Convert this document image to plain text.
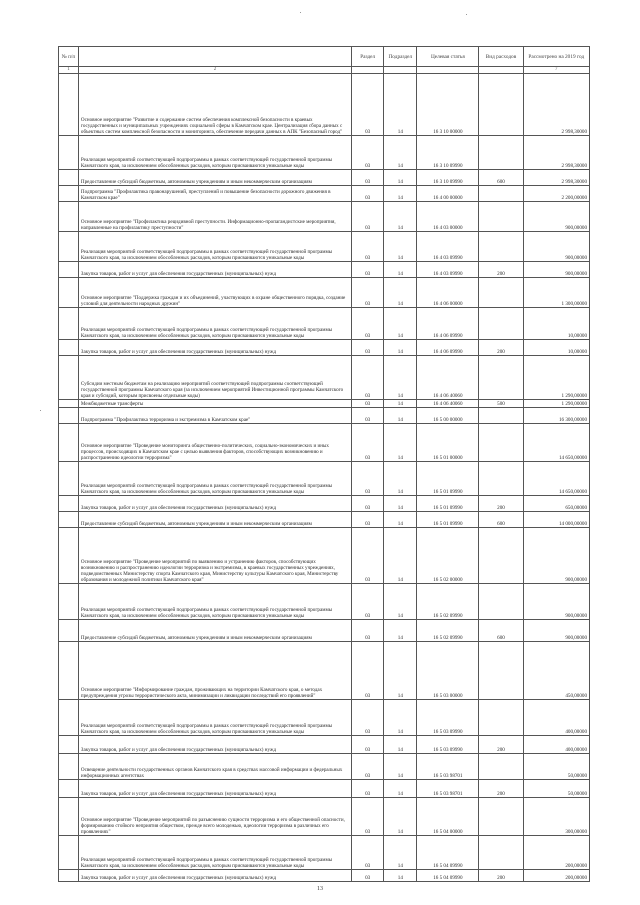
№ п/п		Раздел	Подраздел	Целевая статья	Вид расходов	Рассмотрено на 2019 год
1	2					7
	Основное мероприятие "Развитие и содержание систем обеспечения комплексной безопасности в краевых государственных и муниципальных учреждениях социальной сферы в Камчатском крае. Централизация сбора данных с объектных систем комплексной безопасности и мониторинга, обеспечение передачи данных в АПК "Безопасный город"	03	14	16 3 10 00000		2 998,30000
	Реализация мероприятий соответствующей подпрограммы в рамках соответствующей государственной программы Камчатского края, за исключением обособленных расходов, которым присваиваются уникальные коды	03	14	16 3 10 09990		2 998,30000
	Предоставление субсидий бюджетным, автономным учреждениям и иным некоммерческим организациям	03	14	16 3 10 09990	600	2 998,30000
	Подпрограмма "Профилактика правонарушений, преступлений и повышение безопасности дорожного движения в Камчатском крае"	03	14	16 4 00 00000		2 200,00000
	Основное мероприятие "Профилактика рецидивной преступности. Информационно-пропагандистские мероприятия, направленные на профилактику преступности"	03	14	16 4 03 00000		900,00000
	Реализация мероприятий соответствующей подпрограммы в рамках соответствующей государственной программы Камчатского края, за исключением обособленных расходов, которым присваиваются уникальные коды	03	14	16 4 03 09990		900,00000
	Закупка товаров, работ и услуг для обеспечения государственных (муниципальных) нужд	03	14	16 4 03 09990	200	900,00000
	Основное мероприятие "Поддержка граждан и их объединений, участвующих в охране общественного порядка, создание условий для деятельности народных дружин"	03	14	16 4 06 00000		1 300,00000
	Реализация мероприятий соответствующей подпрограммы в рамках соответствующей государственной программы Камчатского края, за исключением обособленных расходов, которым присваиваются уникальные коды	03	14	16 4 06 09990		10,00000
	Закупка товаров, работ и услуг для обеспечения государственных (муниципальных) нужд	03	14	16 4 06 09990	200	10,00000
	Субсидии местным бюджетам на реализацию мероприятий соответствующей подпрограммы соответствующей государственной программы Камчатского края (за исключением мероприятий Инвестиционной программы Камчатского края и субсидий, которым присвоены отдельные коды)	03	14	16 4 06 40060		1 290,00000
	Межбюджетные трансферты	03	14	16 4 06 40060	500	1 290,00000
	Подпрограмма "Профилактика терроризма и экстремизма в Камчатском крае"	03	14	16 5 00 00000		16 300,00000
	Основное мероприятие "Проведение мониторинга общественно-политических, социально-экономических и иных процессов, происходящих в Камчатском крае с целью выявления факторов, способствующих возникновению и распространению идеологии терроризма"	03	14	16 5 01 00000		14 650,00000
	Реализация мероприятий соответствующей подпрограммы в рамках соответствующей государственной программы Камчатского края, за исключением обособленных расходов, которым присваиваются уникальные коды	03	14	16 5 01 09990		14 650,00000
	Закупка товаров, работ и услуг для обеспечения государственных (муниципальных) нужд	03	14	16 5 01 09990	200	650,00000
	Предоставление субсидий бюджетным, автономным учреждениям и иным некоммерческим организациям	03	14	16 5 01 09990	600	14 000,00000
	Основное мероприятие "Проведение мероприятий по выявлению и устранению факторов, способствующих возникновению и распространению идеологии терроризма и экстремизма, в краевых государственных учреждениях, подведомственных Министерству спорта Камчатского края, Министерству культуры Камчатского края, Министерству образования и молодежной политики Камчатского края"	03	14	16 5 02 00000		900,00000
	Реализация мероприятий соответствующей подпрограммы в рамках соответствующей государственной программы Камчатского края, за исключением обособленных расходов, которым присваиваются уникальные коды	03	14	16 5 02 09990		900,00000
	Предоставление субсидий бюджетным, автономным учреждениям и иным некоммерческим организациям	03	14	16 5 02 09990	600	900,00000
	Основное мероприятие "Информирование граждан, проживающих на территории Камчатского края, о методах предупреждения угрозы террористического акта, минимизации и ликвидации последствий его проявлений"	03	14	16 5 03 00000		450,00000
	Реализация мероприятий соответствующей подпрограммы в рамках соответствующей государственной программы Камчатского края, за исключением обособленных расходов, которым присваиваются уникальные коды	03	14	16 5 03 09990		400,00000
	Закупка товаров, работ и услуг для обеспечения государственных (муниципальных) нужд	03	14	16 5 03 09990	200	400,00000
	Освещение деятельности государственных органов Камчатского края в средствах массовой информации и федеральных информационных агентствах	03	14	16 5 03 98701		50,00000
	Закупка товаров, работ и услуг для обеспечения государственных (муниципальных) нужд	03	14	16 5 03 98701	200	50,00000
	Основное мероприятие "Проведение мероприятий по разъяснению сущности терроризма и его общественной опасности, формированию стойкого неприятия обществом, прежде всего молодежью, идеологии терроризма в различных его проявлениях"	03	14	16 5 04 00000		300,00000
	Реализация мероприятий соответствующей подпрограммы в рамках соответствующей государственной программы Камчатского края, за исключением обособленных расходов, которым присваиваются уникальные коды	03	14	16 5 04 09990		200,00000
	Закупка товаров, работ и услуг для обеспечения государственных (муниципальных) нужд	03	14	16 5 04 09990	200	200,00000
13
